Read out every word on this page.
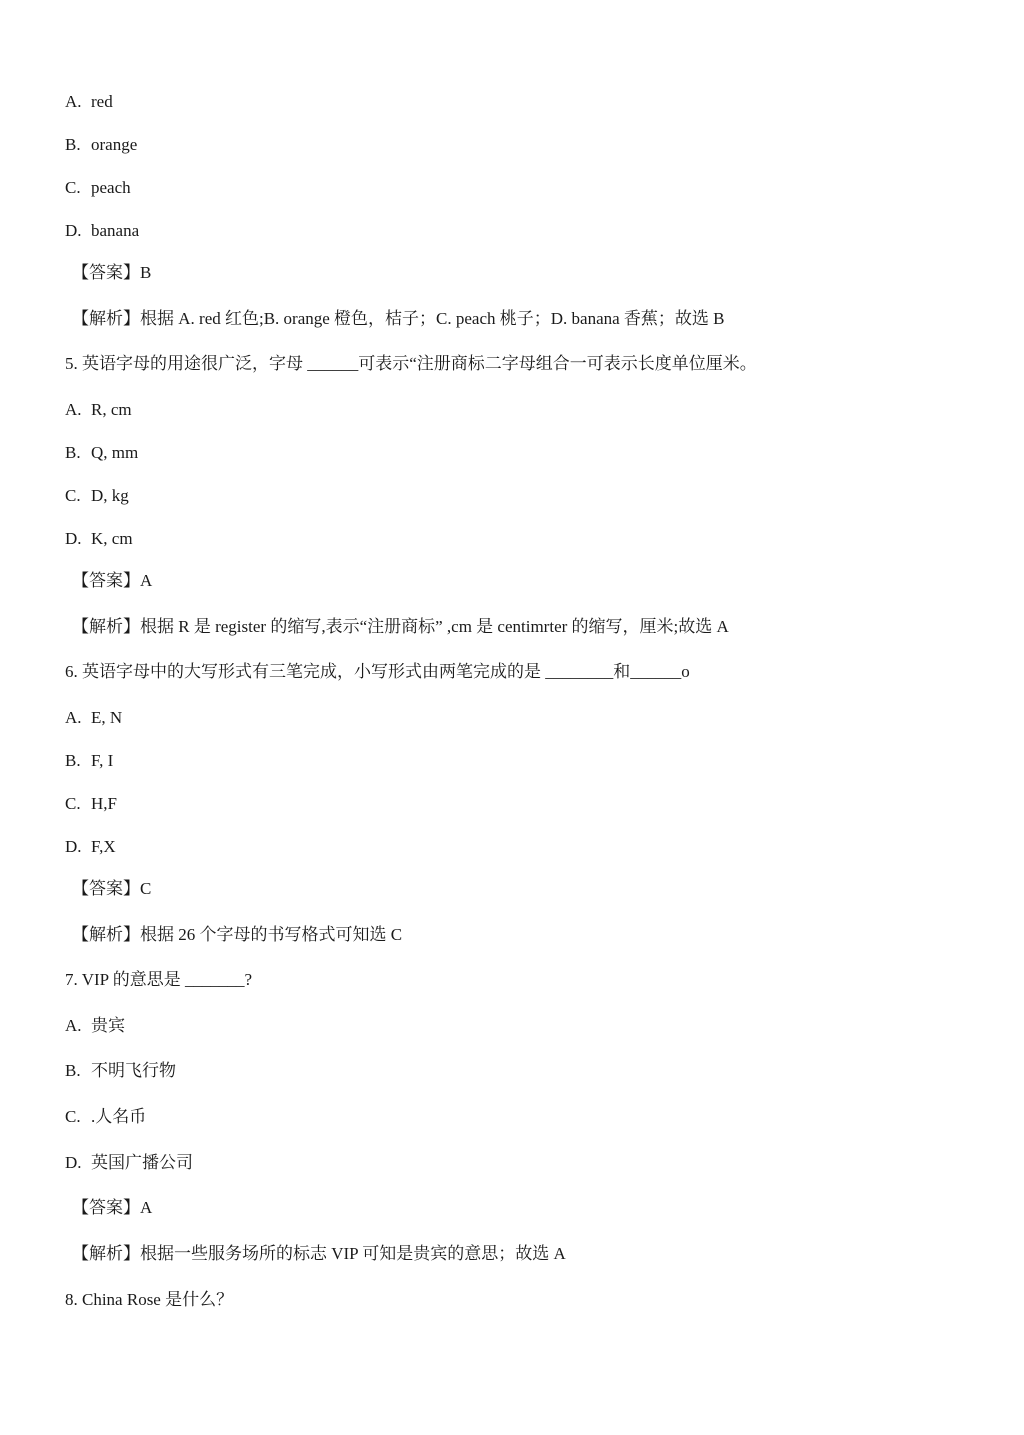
A. red
B. orange
C. peach
D. banana
【答案】B
【解析】根据 A. red 红色;B. orange 橙色，桔子；C. peach 桃子；D. banana 香蕉；故选 B
5. 英语字母的用途很广泛，字母 ______可表示“注册商标二字母组合一可表示长度单位厘米。
A. R, cm
B. Q, mm
C. D, kg
D. K, cm
【答案】A
【解析】根据 R 是 register 的缩写,表示“注册商标” ,cm 是 centimrter 的缩写，厘米;故选 A
6. 英语字母中的大写形式有三笔完成，小写形式由两笔完成的是 ________和______o
A. E, N
B. F, I
C. H,F
D. F,X
【答案】C
【解析】根据 26 个字母的书写格式可知选 C
7. VIP 的意思是 _______?
A. 贵宾
B. 不明飞行物
C. .人名币
D. 英国广播公司
【答案】A
【解析】根据一些服务场所的标志 VIP 可知是贵宾的意思；故选 A
8. China Rose 是什么？
